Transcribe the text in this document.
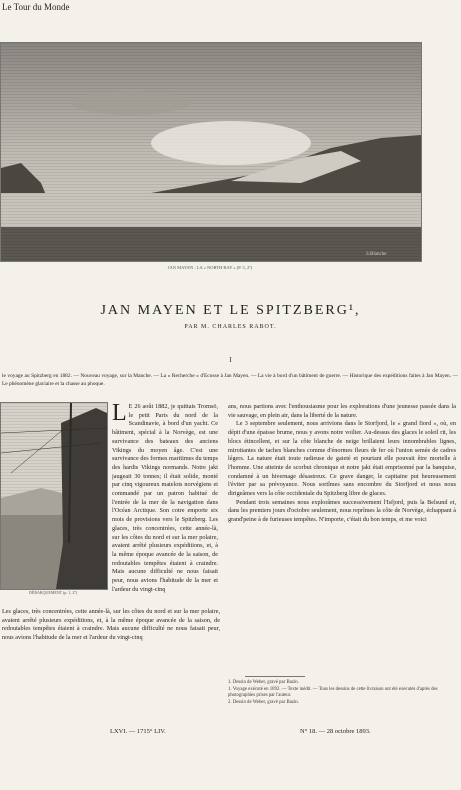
Le Tour du Monde
S.Blanche
JAN MAYEN : LA « NORTH BAY » (P. 5, 2º)
JAN MAYEN ET LE SPITZBERG¹,
PAR M. CHARLES RABOT.
I
le voyage au Spitzberg en 1882. — Nouveau voyage, sur la Manche. — La « Recherche » d'Ecosse à Jan Mayen. — La vie à bord d'un bâtiment de guerre. — Historique des expéditions faites à Jan Mayen. — Le phénomène glaciaire et la chasse au phoque.
DÉBARQUEMENT (p. 1, 2º)
L E 26 août 1882, je quittais Tromsö, le petit Paris du nord de la Scandinavie, à bord d'un yacht. Ce bâtiment, spécial à la Norvège, est une survivance des bateaux des anciens Vikings du moyen âge. C'est une survivance des formes maritimes du temps des hardis Vikings normands. Notre jakt jaugeait 30 tonnes; il était solide, monté par cinq vigoureux matelots norvégiens et commandé par un patron habitué de l'entrée de la mer de la navigation dans l'Océan Arctique. Son cotre emporte six mois de provisions vers le Spitzberg. Les glaces, très concentrées, cette année-là, sur les côtes du nord et sur la mer polaire, avaient arrêté plusieurs expéditions, et, à la même époque avancée de la saison, de redoutables tempêtes étaient à craindre. Mais aucune difficulté ne nous faisait peur, nous avions l'habitude de la mer et l'ardeur du vingt-cinq
Les glaces, très concentrées, cette année-là, sur les côtes du nord et sur la mer polaire, avaient arrêté plusieurs expéditions, et, à la même époque avancée de la saison, de redoutables tempêtes étaient à craindre. Mais aucune difficulté ne nous faisait peur, nous avions l'habitude de la mer et l'ardeur du vingt-cinq

ans, nous partions avec l'enthousiasme pour les explorations d'une jeunesse passée dans la vie sauvage, en plein air, dans la liberté de la nature.

Le 3 septembre seulement, nous arrivions dans le Storfjord, le « grand fiord », où, en dépit d'une épaisse brume, nous y avons notre voilier. Au-dessus des glaces le soleil rit, les blocs étincellent, et sur la côte blanche de neige brillaient leurs innombrables lignes, miroitantes de taches blanches comme d'énormes fleurs de fer où l'union semée de cadres légers. La nature était toute radieuse de gaieté et pourtant elle pouvait être mortelle à l'homme. Une atteinte de scorbut chronique et notre jakt était emprisonné par la banquise, condamné à un hivernage désastreux. Ce grave danger, le capitaine put heureusement l'éviter par sa prévoyance. Nous sortîmes sans encombre du Storfjord et nous nous dirigeâmes vers la côte occidentale du Spitzberg libre de glaces.

Pendant trois semaines nous explorâmes successivement l'Isfjord, puis la Belsund et, dans les premiers jours d'octobre seulement, nous reprîmes la côte de Norvège, échappant à grand'peine à de furieuses tempêtes. N'importe, c'était du bon temps, et me voici

1. Dessin de Weber, gravé par Bazin.
1. Voyage exécuté en 1892. — Texte inédit. — Tous les dessins de cette livraison ont été exécutés d'après des photographies prises par l'auteur.
2. Dessin de Weber, gravé par Bazin.
LXVI. — 1715° LIV.	N° 18. — 28 octobre 1893.
